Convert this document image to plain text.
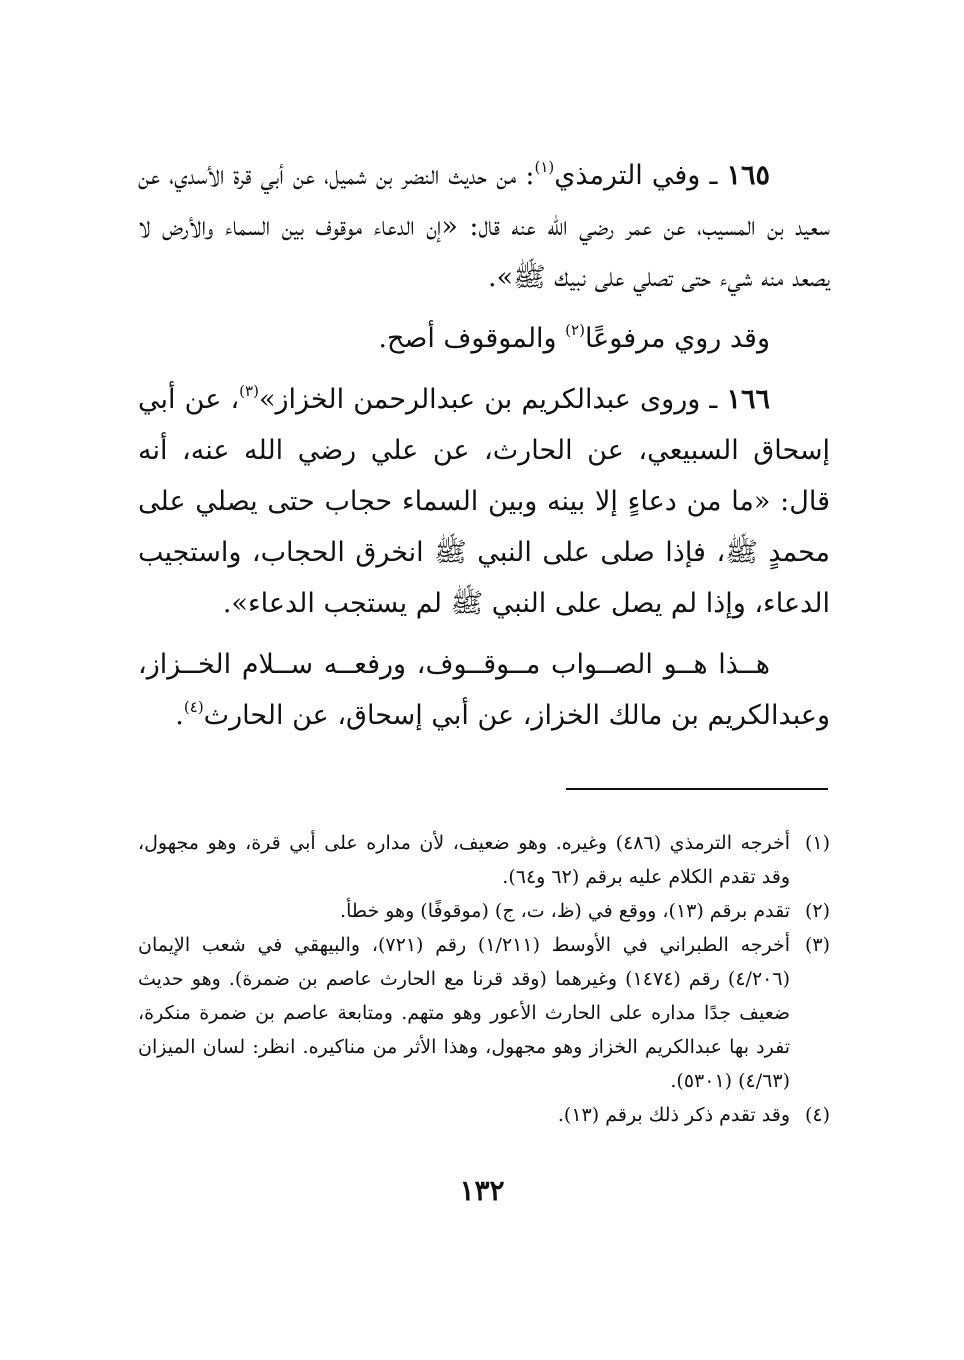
١٦٥ ـ وفي الترمذي$^{(١)}$: من حديث النضر بن شميل، عن أبي قرة الأسدي، عن سعيد بن المسيب، عن عمر رضي الله عنه قال: «إن الدعاء موقوف بين السماء والأرض لا يصعد منه شيء حتى تصلي على نبيك ﷺ».

وقد روي مرفوعًا$^{(٢)}$ والموقوف أصح.

١٦٦ ـ وروى عبدالكريم بن عبدالرحمن الخزاز»$^{(٣)}$، عن أبي إسحاق السبيعي، عن الحارث، عن علي رضي الله عنه، أنه قال: «ما من دعاءٍ إلا بينه وبين السماء حجاب حتى يصلي على محمدٍ ﷺ، فإذا صلى على النبي ﷺ انخرق الحجاب، واستجيب الدعاء، وإذا لم يصل على النبي ﷺ لم يستجب الدعاء».

هــذا هــو الصــواب مــوقــوف، ورفعــه ســلام الخــزاز، وعبدالكريم بن مالك الخزاز، عن أبي إسحاق، عن الحارث$^{(٤)}$.

(١)
أخرجه الترمذي (٤٨٦) وغيره. وهو ضعيف، لأن مداره على أبي قرة، وهو مجهول، وقد تقدم الكلام عليه برقم (٦٢ و٦٤).
(٢)
تقدم برقم (١٣)، ووقع في (ظ، ت، ج) (موقوفًا) وهو خطأ.
(٣)
أخرجه الطبراني في الأوسط (١/٢١١) رقم (٧٢١)، والبيهقي في شعب الإيمان (٤/٢٠٦) رقم (١٤٧٤) وغيرهما (وقد قرنا مع الحارث عاصم بن ضمرة). وهو حديث ضعيف جدًا مداره على الحارث الأعور وهو متهم. ومتابعة عاصم بن ضمرة منكرة، تفرد بها عبدالكريم الخزاز وهو مجهول، وهذا الأثر من مناكيره. انظر: لسان الميزان (٤/٦٣) (٥٣٠١).
(٤)
وقد تقدم ذكر ذلك برقم (١٣).
١٣٢
